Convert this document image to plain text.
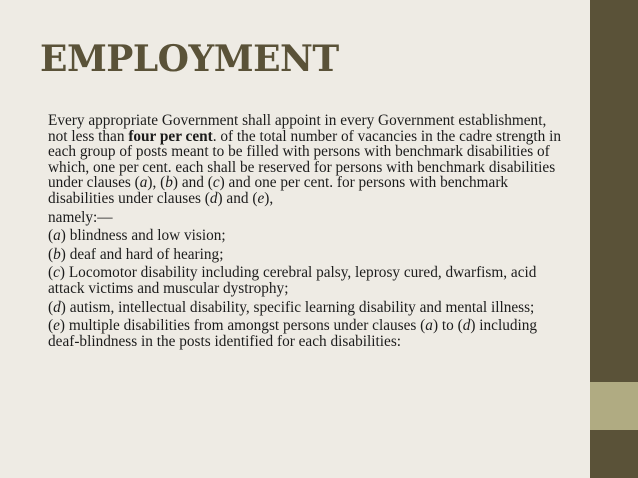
EMPLOYMENT

Every appropriate Government shall appoint in every Government establishment, not less than four per cent. of the total number of vacancies in the cadre strength in each group of posts meant to be filled with persons with benchmark disabilities of which, one per cent. each shall be reserved for persons with benchmark disabilities under clauses (a), (b) and (c) and one per cent. for persons with benchmark disabilities under clauses (d) and (e),

namely:—

(a) blindness and low vision;

(b) deaf and hard of hearing;

(c) Locomotor disability including cerebral palsy, leprosy cured, dwarfism, acid attack victims and muscular dystrophy;

(d) autism, intellectual disability, specific learning disability and mental illness;

(e) multiple disabilities from amongst persons under clauses (a) to (d) including deaf-blindness in the posts identified for each disabilities:
